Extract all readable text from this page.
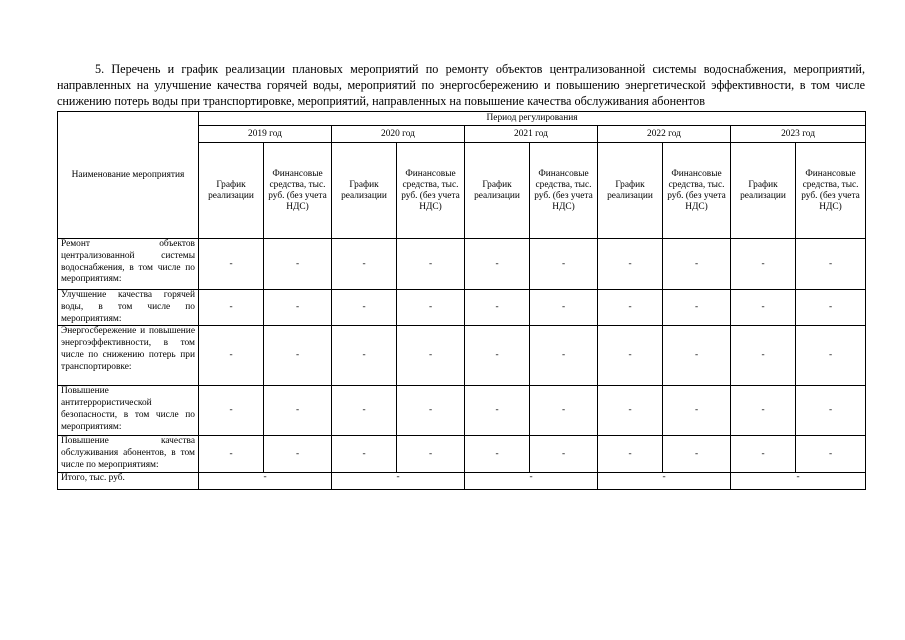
5. Перечень и график реализации плановых мероприятий по ремонту объектов централизованной системы водоснабжения, мероприятий, направленных на улучшение качества горячей воды, мероприятий по энергосбережению и повышению энергетической эффективности, в том числе снижению потерь воды при транспортировке, мероприятий, направленных на повышение качества обслуживания абонентов
Наименование мероприятия	Период регулирования									
	2019 год		2020 год		2021 год		2022 год		2023 год	
	График реализации	Финансовые средства, тыс. руб. (без учета НДС)	График реализации	Финансовые средства, тыс. руб. (без учета НДС)	График реализации	Финансовые средства, тыс. руб. (без учета НДС)	График реализации	Финансовые средства, тыс. руб. (без учета НДС)	График реализации	Финансовые средства, тыс. руб. (без учета НДС)
Ремонт объектов централизованной системы водоснабжения, в том числе по мероприятиям:	-	-	-	-	-	-	-	-	-	-
Улучшение качества горячей воды, в том числе по мероприятиям:	-	-	-	-	-	-	-	-	-	-
Энергосбережение и повышение энергоэффективности, в том числе по снижению потерь при транспортировке:	-	-	-	-	-	-	-	-	-	-
Повышение антитеррористической безопасности, в том числе по мероприятиям:	-	-	-	-	-	-	-	-	-	-
Повышение качества обслуживания абонентов, в том числе по мероприятиям:	-	-	-	-	-	-	-	-	-	-
Итого, тыс. руб.	-		-		-		-		-	
